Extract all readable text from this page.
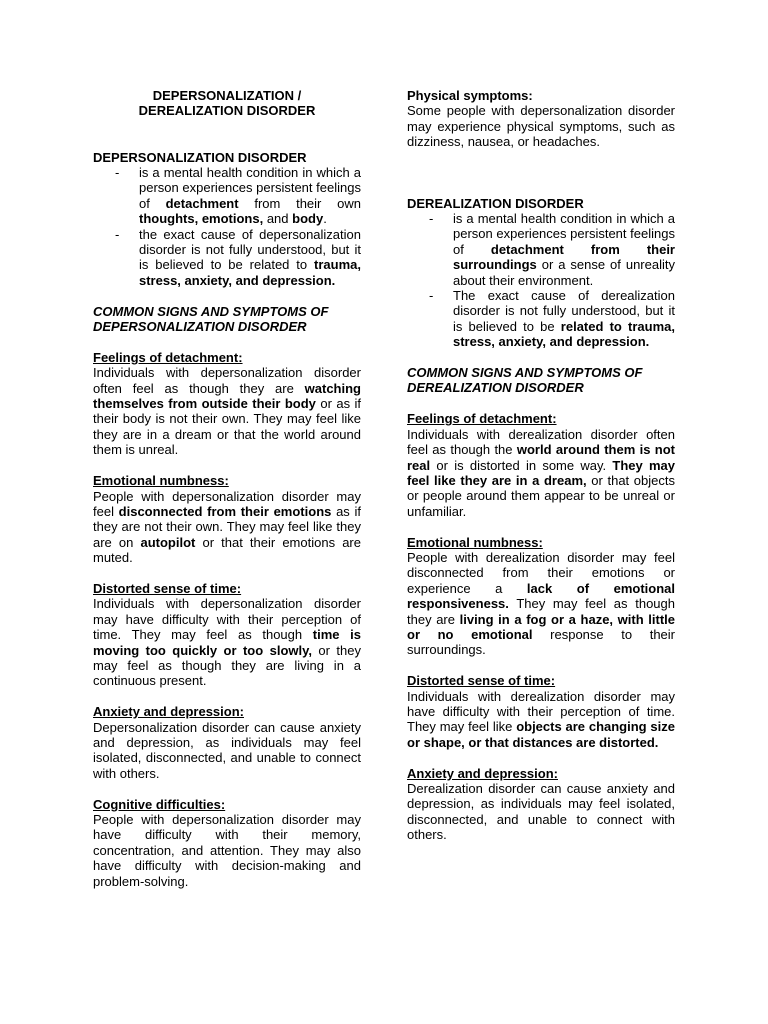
DEPERSONALIZATION /

DEREALIZATION DISORDER

DEPERSONALIZATION DISORDER

- is a mental health condition in which a person experiences persistent feelings of detachment from their own thoughts, emotions, and body.
- the exact cause of depersonalization disorder is not fully understood, but it is believed to be related to trauma, stress, anxiety, and depression.

COMMON SIGNS AND SYMPTOMS OF
DEPERSONALIZATION DISORDER

Feelings of detachment:
Individuals with depersonalization disorder often feel as though they are watching themselves from outside their body or as if their body is not their own. They may feel like they are in a dream or that the world around them is unreal.

Emotional numbness:
People with depersonalization disorder may feel disconnected from their emotions as if they are not their own. They may feel like they are on autopilot or that their emotions are muted.

Distorted sense of time:
Individuals with depersonalization disorder may have difficulty with their perception of time. They may feel as though time is moving too quickly or too slowly, or they may feel as though they are living in a continuous present.

Anxiety and depression:
Depersonalization disorder can cause anxiety and depression, as individuals may feel isolated, disconnected, and unable to connect with others.

Cognitive difficulties:
People with depersonalization disorder may have difficulty with their memory, concentration, and attention. They may also have difficulty with decision-making and problem-solving.

Physical symptoms:
Some people with depersonalization disorder may experience physical symptoms, such as dizziness, nausea, or headaches.

DEREALIZATION DISORDER

- is a mental health condition in which a person experiences persistent feelings of detachment from their surroundings or a sense of unreality about their environment.
- The exact cause of derealization disorder is not fully understood, but it is believed to be related to trauma, stress, anxiety, and depression.

COMMON SIGNS AND SYMPTOMS OF
DEREALIZATION DISORDER

Feelings of detachment:
Individuals with derealization disorder often feel as though the world around them is not real or is distorted in some way. They may feel like they are in a dream, or that objects or people around them appear to be unreal or unfamiliar.

Emotional numbness:
People with derealization disorder may feel disconnected from their emotions or experience a lack of emotional responsiveness. They may feel as though they are living in a fog or a haze, with little or no emotional response to their surroundings.

Distorted sense of time:
Individuals with derealization disorder may have difficulty with their perception of time. They may feel like objects are changing size or shape, or that distances are distorted.

Anxiety and depression:
Derealization disorder can cause anxiety and depression, as individuals may feel isolated, disconnected, and unable to connect with others.
